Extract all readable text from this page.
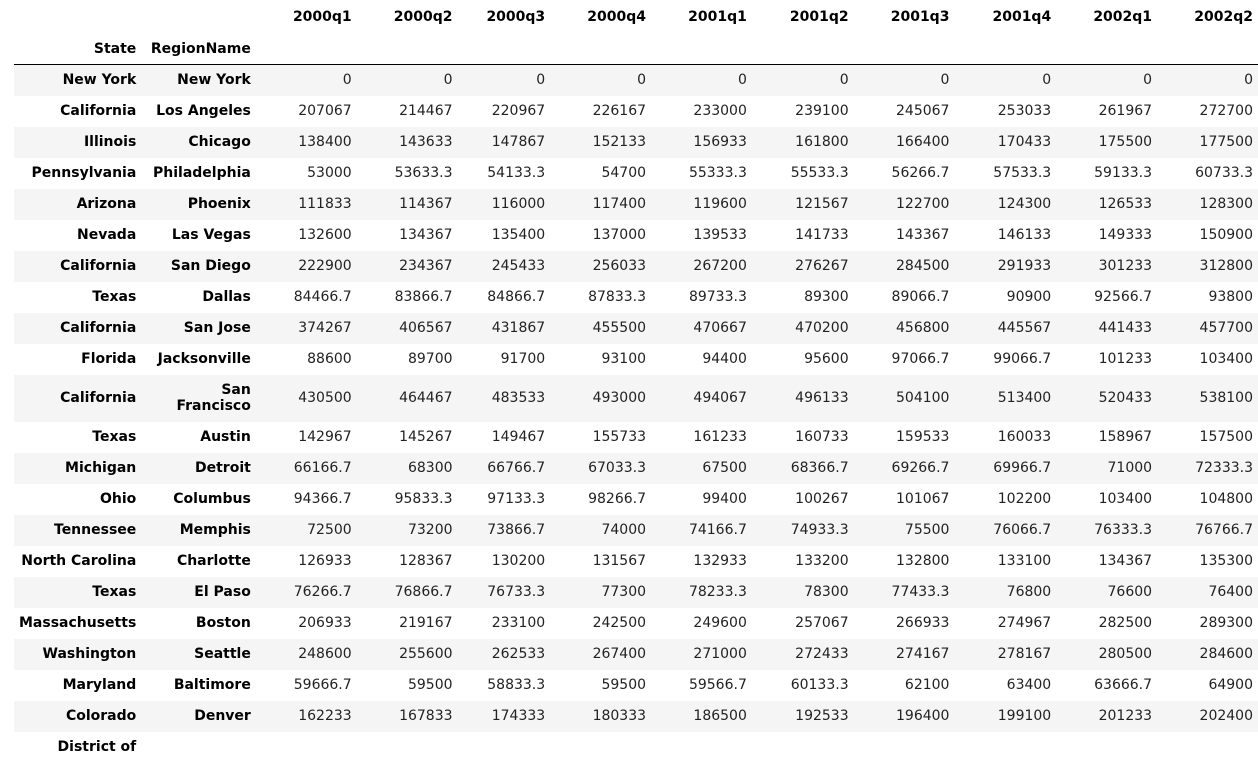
		2000q1	2000q2	2000q3	2000q4	2001q1	2001q2	2001q3	2001q4	2002q1	2002q2
State	RegionName										
New York	New York	0	0	0	0	0	0	0	0	0	0
California	Los Angeles	207067	214467	220967	226167	233000	239100	245067	253033	261967	272700
Illinois	Chicago	138400	143633	147867	152133	156933	161800	166400	170433	175500	177500
Pennsylvania	Philadelphia	53000	53633.3	54133.3	54700	55333.3	55533.3	56266.7	57533.3	59133.3	60733.3
Arizona	Phoenix	111833	114367	116000	117400	119600	121567	122700	124300	126533	128300
Nevada	Las Vegas	132600	134367	135400	137000	139533	141733	143367	146133	149333	150900
California	San Diego	222900	234367	245433	256033	267200	276267	284500	291933	301233	312800
Texas	Dallas	84466.7	83866.7	84866.7	87833.3	89733.3	89300	89066.7	90900	92566.7	93800
California	San Jose	374267	406567	431867	455500	470667	470200	456800	445567	441433	457700
Florida	Jacksonville	88600	89700	91700	93100	94400	95600	97066.7	99066.7	101233	103400
California	San Francisco	430500	464467	483533	493000	494067	496133	504100	513400	520433	538100
Texas	Austin	142967	145267	149467	155733	161233	160733	159533	160033	158967	157500
Michigan	Detroit	66166.7	68300	66766.7	67033.3	67500	68366.7	69266.7	69966.7	71000	72333.3
Ohio	Columbus	94366.7	95833.3	97133.3	98266.7	99400	100267	101067	102200	103400	104800
Tennessee	Memphis	72500	73200	73866.7	74000	74166.7	74933.3	75500	76066.7	76333.3	76766.7
North Carolina	Charlotte	126933	128367	130200	131567	132933	133200	132800	133100	134367	135300
Texas	El Paso	76266.7	76866.7	76733.3	77300	78233.3	78300	77433.3	76800	76600	76400
Massachusetts	Boston	206933	219167	233100	242500	249600	257067	266933	274967	282500	289300
Washington	Seattle	248600	255600	262533	267400	271000	272433	274167	278167	280500	284600
Maryland	Baltimore	59666.7	59500	58833.3	59500	59566.7	60133.3	62100	63400	63666.7	64900
Colorado	Denver	162233	167833	174333	180333	186500	192533	196400	199100	201233	202400
District of											
